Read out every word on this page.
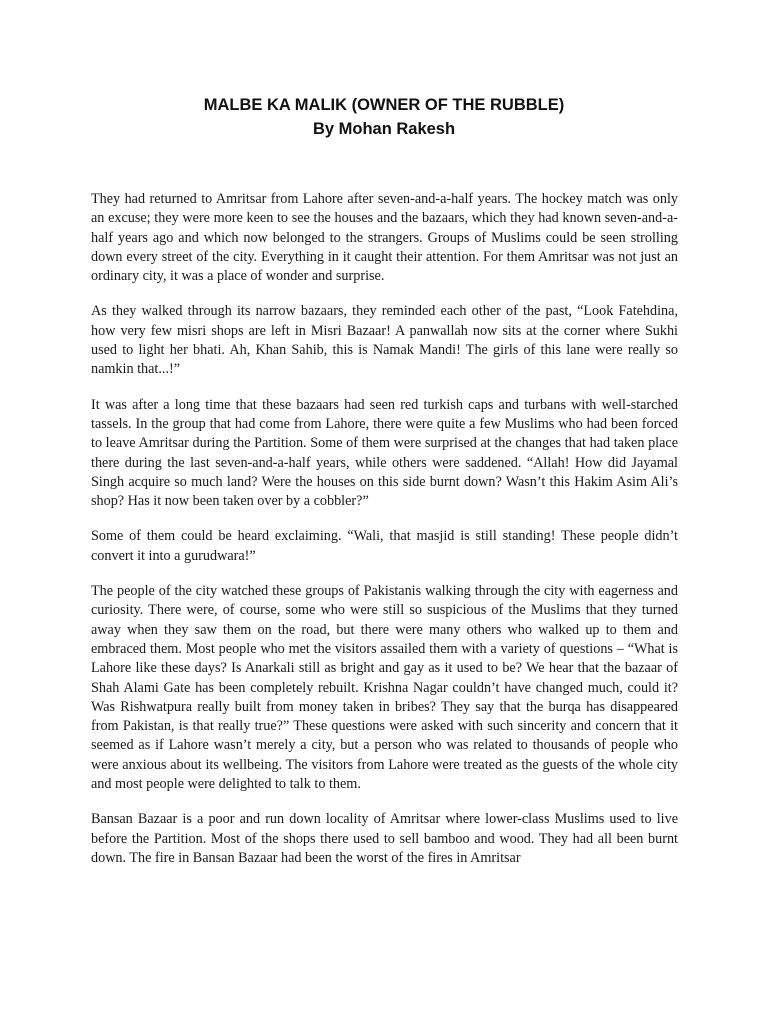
MALBE KA MALIK (OWNER OF THE RUBBLE)
By Mohan Rakesh

They had returned to Amritsar from Lahore after seven-and-a-half years. The hockey match was only an excuse; they were more keen to see the houses and the bazaars, which they had known seven-and-a-half years ago and which now belonged to the strangers. Groups of Muslims could be seen strolling down every street of the city. Everything in it caught their attention. For them Amritsar was not just an ordinary city, it was a place of wonder and surprise.

As they walked through its narrow bazaars, they reminded each other of the past, “Look Fatehdina, how very few misri shops are left in Misri Bazaar! A panwallah now sits at the corner where Sukhi used to light her bhati. Ah, Khan Sahib, this is Namak Mandi! The girls of this lane were really so namkin that...!”

It was after a long time that these bazaars had seen red turkish caps and turbans with well-starched tassels. In the group that had come from Lahore, there were quite a few Muslims who had been forced to leave Amritsar during the Partition. Some of them were surprised at the changes that had taken place there during the last seven-and-a-half years, while others were saddened. “Allah! How did Jayamal Singh acquire so much land? Were the houses on this side burnt down? Wasn’t this Hakim Asim Ali’s shop? Has it now been taken over by a cobbler?”

Some of them could be heard exclaiming. “Wali, that masjid is still standing! These people didn’t convert it into a gurudwara!”

The people of the city watched these groups of Pakistanis walking through the city with eagerness and curiosity. There were, of course, some who were still so suspicious of the Muslims that they turned away when they saw them on the road, but there were many others who walked up to them and embraced them. Most people who met the visitors assailed them with a variety of questions – “What is Lahore like these days? Is Anarkali still as bright and gay as it used to be? We hear that the bazaar of Shah Alami Gate has been completely rebuilt. Krishna Nagar couldn’t have changed much, could it? Was Rishwatpura really built from money taken in bribes? They say that the burqa has disappeared from Pakistan, is that really true?” These questions were asked with such sincerity and concern that it seemed as if Lahore wasn’t merely a city, but a person who was related to thousands of people who were anxious about its wellbeing. The visitors from Lahore were treated as the guests of the whole city and most people were delighted to talk to them.

Bansan Bazaar is a poor and run down locality of Amritsar where lower-class Muslims used to live before the Partition. Most of the shops there used to sell bamboo and wood. They had all been burnt down. The fire in Bansan Bazaar had been the worst of the fires in Amritsar
